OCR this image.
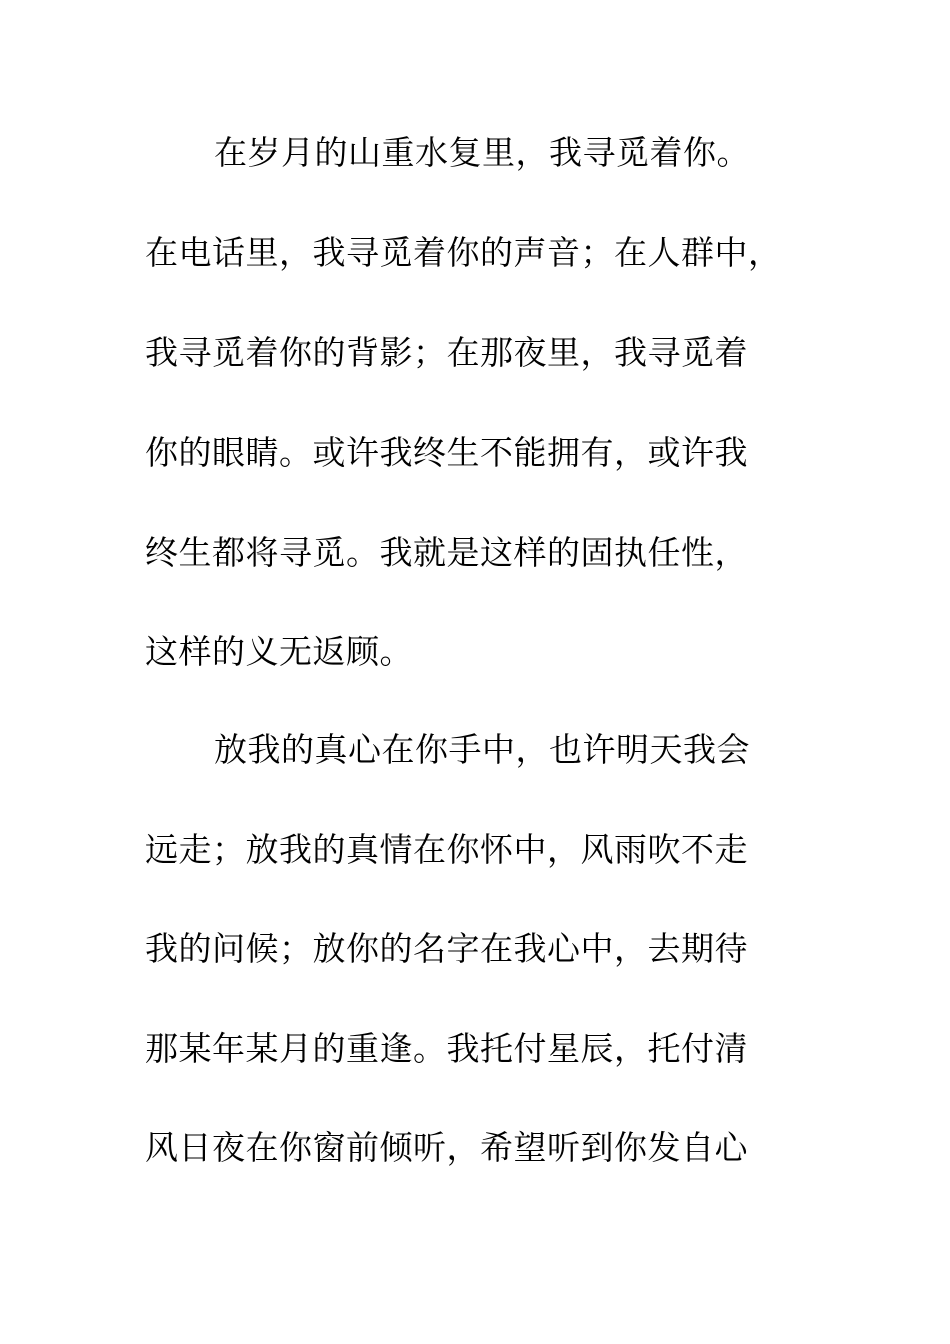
在岁月的山重水复里，我寻觅着你。
在电话里，我寻觅着你的声音；在人群中，
我寻觅着你的背影；在那夜里，我寻觅着
你的眼睛。或许我终生不能拥有，或许我
终生都将寻觅。我就是这样的固执任性，
这样的义无返顾。
放我的真心在你手中，也许明天我会
远走；放我的真情在你怀中，风雨吹不走
我的问候；放你的名字在我心中，去期待
那某年某月的重逢。我托付星辰，托付清
风日夜在你窗前倾听，希望听到你发自心
